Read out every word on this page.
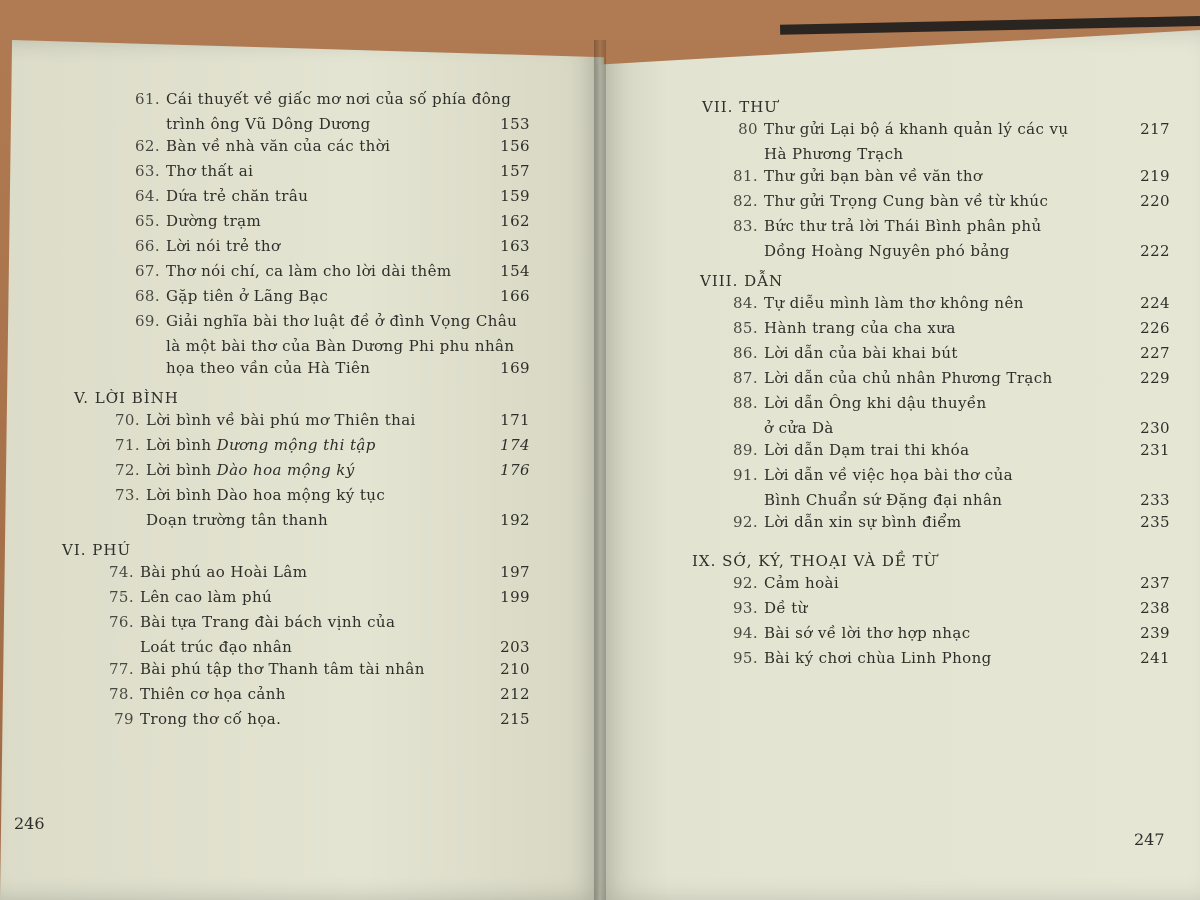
61. Cái thuyết về giấc mơ nơi của số phía đông
trình ông Vũ Dông Dương	153
62. Bàn về nhà văn của các thời	156
63. Thơ thất ai	157
64. Dứa trẻ chăn trâu	159
65. Dường trạm	162
66. Lời nói trẻ thơ	163
67. Thơ nói chí, ca làm cho lời dài thêm	154
68. Gặp tiên ở Lãng Bạc	166
69. Giải nghĩa bài thơ luật đề ở đình Vọng Châu
là một bài thơ của Bàn Dương Phi phu nhân
họa theo vần của Hà Tiên	169
V. LỜI BÌNH
70. Lời bình về bài phú mơ Thiên thai	171
71. Lời bình Dương mộng thi tập	174
72. Lời bình Dào hoa mộng ký	176
73. Lời bình Dào hoa mộng ký tục
Doạn trường tân thanh	192
VI. PHÚ
74. Bài phú ao Hoài Lâm	197
75. Lên cao làm phú	199
76. Bài tựa Trang đài bách vịnh của
Loát trúc đạo nhân	203
77. Bài phú tập thơ Thanh tâm tài nhân	210
78. Thiên cơ họa cảnh	212
79 Trong thơ cố họa.	215
246
VII. THƯ
80 Thư gửi Lại bộ á khanh quản lý các vụ	217
Hà Phương Trạch
81. Thư gửi bạn bàn về văn thơ	219
82. Thư gửi Trọng Cung bàn về từ khúc	220
83. Bức thư trả lời Thái Bình phân phủ
Dồng Hoàng Nguyên phó bảng	222
VIII. DẪN
84. Tự diễu mình làm thơ không nên	224
85. Hành trang của cha xưa	226
86. Lời dẫn của bài khai bút	227
87. Lời dẫn của chủ nhân Phương Trạch	229
88. Lời dẫn Ông khi dậu thuyền
ở cửa Dà	230
89. Lời dẫn Dạm trai thi khóa	231
91. Lời dẫn về việc họa bài thơ của
Bình Chuẩn sứ Đặng đại nhân	233
92. Lời dẫn xin sự bình điểm	235
IX. SỚ, KÝ, THOẠI VÀ DỀ TỪ
92. Cảm hoài	237
93. Dề từ	238
94. Bài sớ về lời thơ hợp nhạc	239
95. Bài ký chơi chùa Linh Phong	241
247
